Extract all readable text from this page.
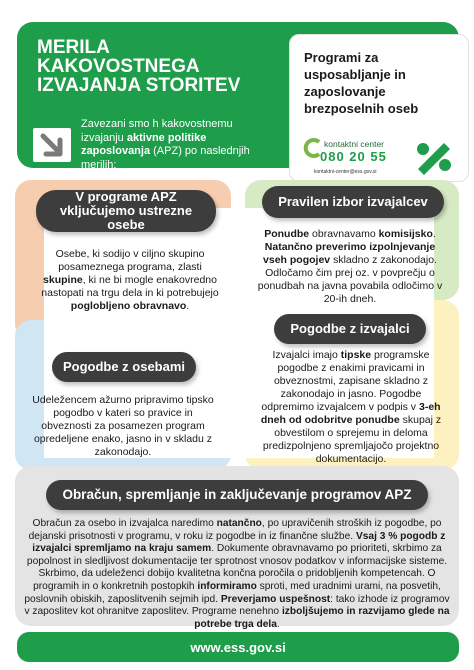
MERILA
KAKOVOSTNEGA
IZVAJANJA STORITEV
Zavezani smo h kakovostnemu izvajanju aktivne politike zaposlovanja (APZ) po naslednjih merilih:
Programi za usposabljanje in zaposlovanje brezposelnih oseb
kontaktni center
080 20 55
kontaktni-center@ess.gov.si
V programe APZ vključujemo ustrezne osebe
Osebe, ki sodijo v ciljno skupino posameznega programa, zlasti skupine, ki ne bi mogle enakovredno nastopati na trgu dela in ki potrebujejo poglobljeno obravnavo.
Pravilen izbor izvajalcev
Ponudbe obravnavamo komisijsko. Natančno preverimo izpolnjevanje vseh pogojev skladno z zakonodajo. Odločamo čim prej oz. v povprečju o ponudbah na javna povabila odločimo v 20-ih dneh.
Pogodbe z osebami
Udeležencem ažurno pripravimo tipsko pogodbo v kateri so pravice in obveznosti za posamezen program opredeljene enako, jasno in v skladu z zakonodajo.
Pogodbe z izvajalci
Izvajalci imajo tipske programske pogodbe z enakimi pravicami in obveznostmi, zapisane skladno z zakonodajo in jasno. Pogodbe odpremimo izvajalcem v podpis v 3-eh dneh od odobritve ponudbe skupaj z obvestilom o sprejemu in deloma predizpolnjeno spremljajočo projektno dokumentacijo.
Obračun, spremljanje in zaključevanje programov APZ
Obračun za osebo in izvajalca naredimo natančno, po upravičenih stroških iz pogodbe, po dejanski prisotnosti v programu, v roku iz pogodbe in iz finančne službe. Vsaj 3 % pogodb z izvajalci spremljamo na kraju samem. Dokumente obravnavamo po prioriteti, skrbimo za popolnost in sledljivost dokumentacije ter sprotnost vnosov podatkov v informacijske sisteme. Skrbimo, da udeleženci dobijo kvalitetna končna poročila o pridobljenih kompetencah. O programih in o konkretnih postopkih informiramo sproti, med uradnimi urami, na posvetih, poslovnih obiskih, zaposlitvenih sejmih ipd. Preverjamo uspešnost: tako izhode iz programov v zaposlitev kot ohranitve zaposlitev. Programe nenehno izboljšujemo in razvijamo glede na potrebe trga dela.
www.ess.gov.si
